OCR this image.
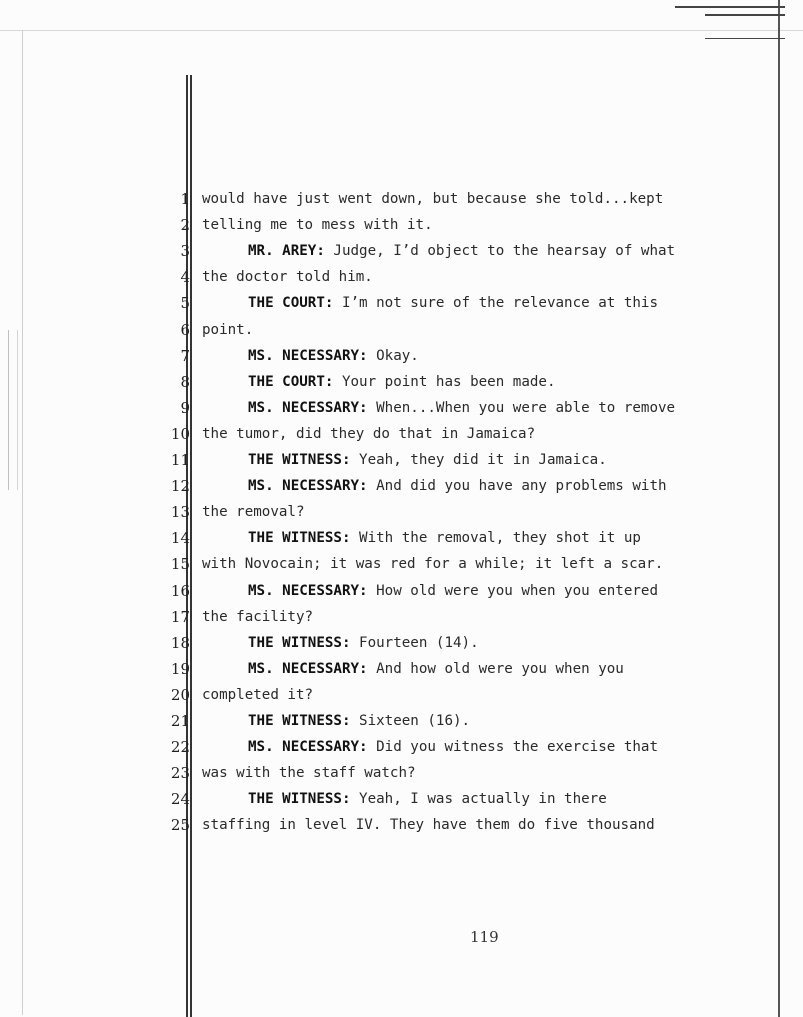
1 would have just went down, but because she told...kept
2 telling me to mess with it.
3	MR. AREY: Judge, I’d object to the hearsay of what
4 the doctor told him.
5	THE COURT: I’m not sure of the relevance at this
6 point.
7	MS. NECESSARY: Okay.
8	THE COURT: Your point has been made.
9	MS. NECESSARY: When...When you were able to remove
10 the tumor, did they do that in Jamaica?
11	THE WITNESS: Yeah, they did it in Jamaica.
12	MS. NECESSARY: And did you have any problems with
13 the removal?
14	THE WITNESS: With the removal, they shot it up
15 with Novocain; it was red for a while; it left a scar.
16	MS. NECESSARY: How old were you when you entered
17 the facility?
18	THE WITNESS: Fourteen (14).
19	MS. NECESSARY: And how old were you when you
20 completed it?
21	THE WITNESS: Sixteen (16).
22	MS. NECESSARY: Did you witness the exercise that
23 was with the staff watch?
24	THE WITNESS: Yeah, I was actually in there
25 staffing in level IV. They have them do five thousand
119
